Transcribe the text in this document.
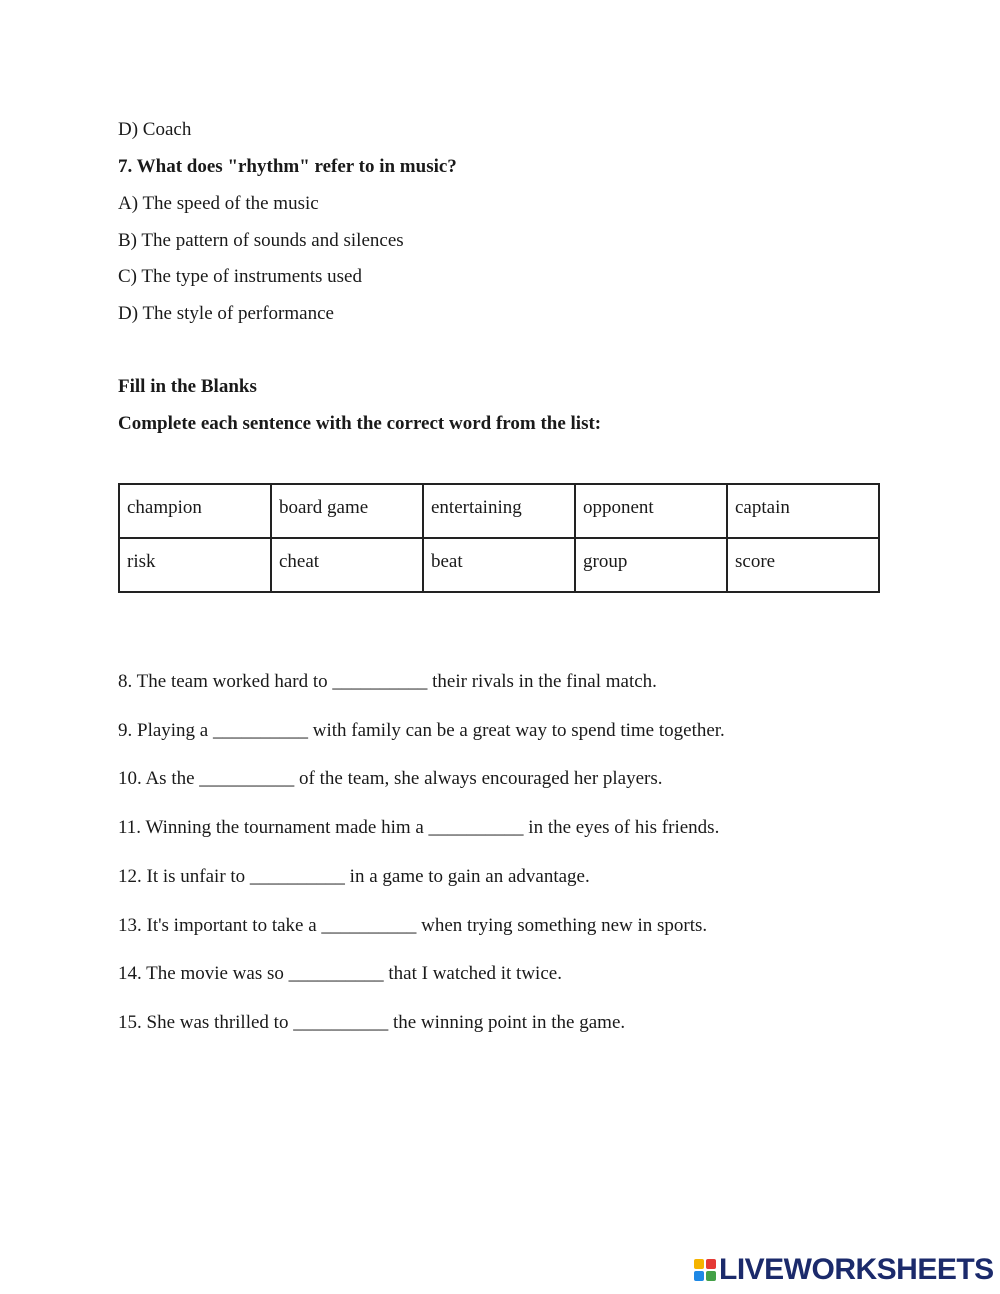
D) Coach
7. What does "rhythm" refer to in music?
A) The speed of the music
B) The pattern of sounds and silences
C) The type of instruments used
D) The style of performance
Fill in the Blanks
Complete each sentence with the correct word from the list:
champion	board game	entertaining	opponent	captain
risk	cheat	beat	group	score
8. The team worked hard to __________ their rivals in the final match.
9. Playing a __________ with family can be a great way to spend time together.
10. As the __________ of the team, she always encouraged her players.
11. Winning the tournament made him a __________ in the eyes of his friends.
12. It is unfair to __________ in a game to gain an advantage.
13. It's important to take a __________ when trying something new in sports.
14. The movie was so __________ that I watched it twice.
15. She was thrilled to __________ the winning point in the game.
LIVEWORKSHEETS
